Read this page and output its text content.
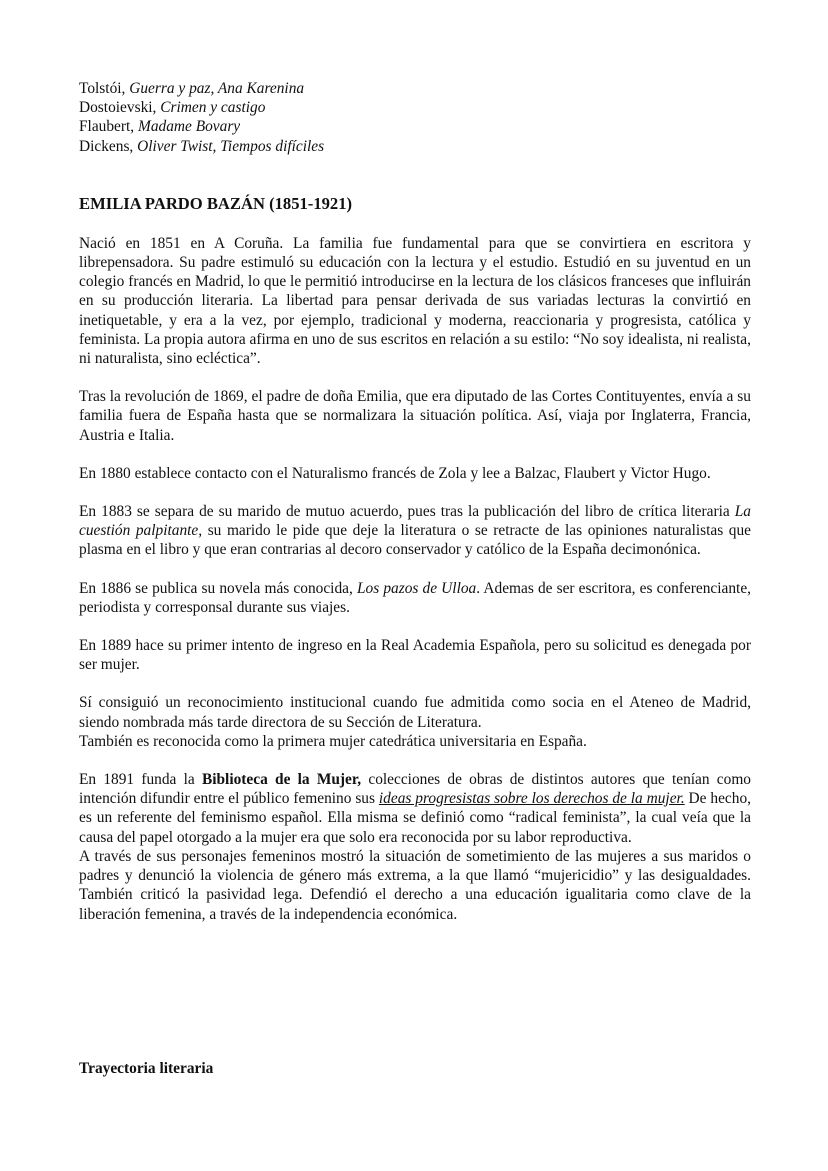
Tolstói, Guerra y paz, Ana Karenina
Dostoievski, Crimen y castigo
Flaubert, Madame Bovary
Dickens, Oliver Twist, Tiempos difíciles
EMILIA PARDO BAZÁN (1851-1921)

Nació en 1851 en A Coruña. La familia fue fundamental para que se convirtiera en escritora y librepensadora. Su padre estimuló su educación con la lectura y el estudio. Estudió en su juventud en un colegio francés en Madrid, lo que le permitió introducirse en la lectura de los clásicos franceses que influirán en su producción literaria. La libertad para pensar derivada de sus variadas lecturas la convirtió en inetiquetable, y era a la vez, por ejemplo, tradicional y moderna, reaccionaria y progresista, católica y feminista. La propia autora afirma en uno de sus escritos en relación a su estilo: “No soy idealista, ni realista, ni naturalista, sino ecléctica”.

Tras la revolución de 1869, el padre de doña Emilia, que era diputado de las Cortes Contituyentes, envía a su familia fuera de España hasta que se normalizara la situación política. Así, viaja por Inglaterra, Francia, Austria e Italia.

En 1880 establece contacto con el Naturalismo francés de Zola y lee a Balzac, Flaubert y Victor Hugo.

En 1883 se separa de su marido de mutuo acuerdo, pues tras la publicación del libro de crítica literaria La cuestión palpitante, su marido le pide que deje la literatura o se retracte de las opiniones naturalistas que plasma en el libro y que eran contrarias al decoro conservador y católico de la España decimonónica.

En 1886 se publica su novela más conocida, Los pazos de Ulloa. Ademas de ser escritora, es conferenciante, periodista y corresponsal durante sus viajes.

En 1889 hace su primer intento de ingreso en la Real Academia Española, pero su solicitud es denegada por ser mujer.

Sí consiguió un reconocimiento institucional cuando fue admitida como socia en el Ateneo de Madrid, siendo nombrada más tarde directora de su Sección de Literatura.

También es reconocida como la primera mujer catedrática universitaria en España.

En 1891 funda la Biblioteca de la Mujer, colecciones de obras de distintos autores que tenían como intención difundir entre el público femenino sus ideas progresistas sobre los derechos de la mujer. De hecho, es un referente del feminismo español. Ella misma se definió como “radical feminista”, la cual veía que la causa del papel otorgado a la mujer era que solo era reconocida por su labor reproductiva.

A través de sus personajes femeninos mostró la situación de sometimiento de las mujeres a sus maridos o padres y denunció la violencia de género más extrema, a la que llamó “mujericidio” y las desigualdades. También criticó la pasividad lega. Defendió el derecho a una educación igualitaria como clave de la liberación femenina, a través de la independencia económica.

Trayectoria literaria
